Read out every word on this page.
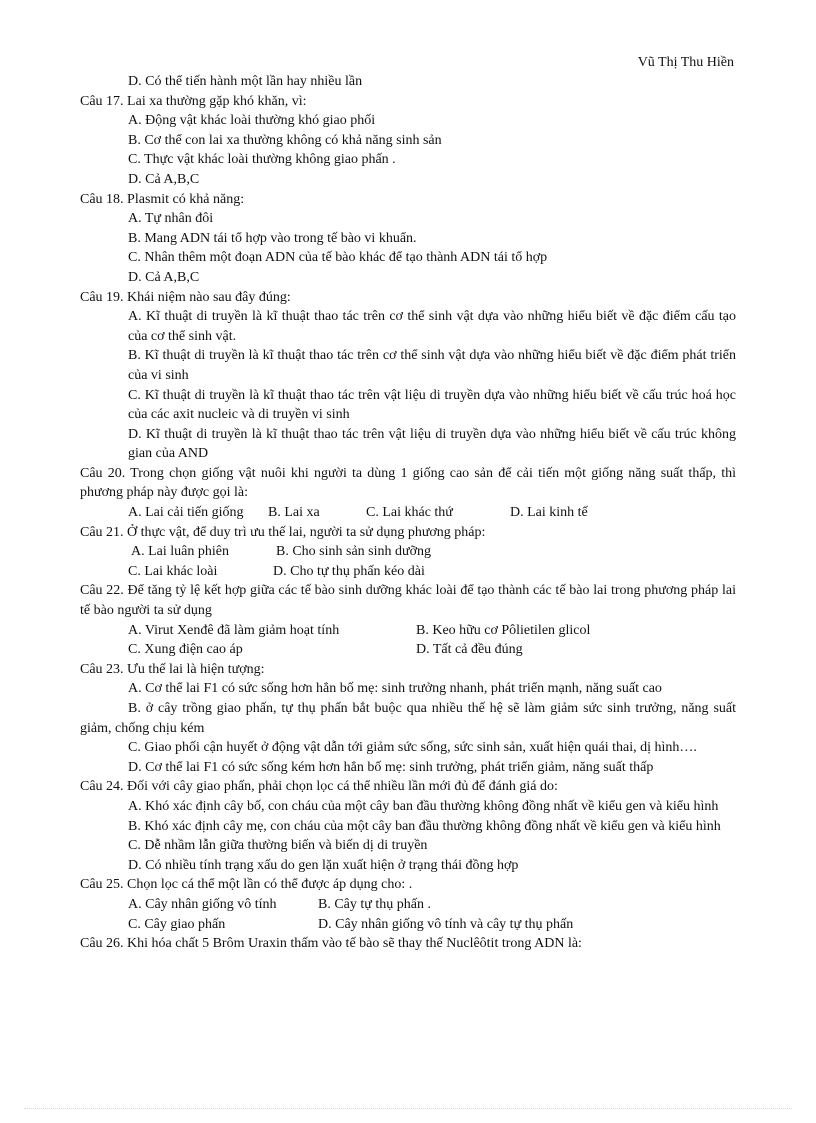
Vũ Thị Thu Hiền
D. Có thể tiến hành một lần hay nhiều lần
Câu 17. Lai xa thường gặp khó khăn, vì:
A. Động vật khác loài thường khó giao phối
B. Cơ thể con lai xa thường không có khả năng sinh sản
C. Thực vật khác loài thường không giao phấn .
D. Cả A,B,C
Câu 18. Plasmit có khả năng:
A. Tự nhân đôi
B. Mang ADN tái tổ hợp vào trong tế bào vi khuẩn.
C. Nhân thêm một đoạn ADN của tế bào khác để tạo thành ADN tái tổ hợp
D. Cả A,B,C
Câu 19. Khái niệm nào sau đây đúng:
A. Kĩ thuật di truyền là kĩ thuật thao tác trên cơ thể sinh vật dựa vào những hiểu biết về đặc điểm cấu tạo của cơ thể sinh vật.
B. Kĩ thuật di truyền là kĩ thuật thao tác trên cơ thể sinh vật dựa vào những hiểu biết về đặc điểm phát triển của vi sinh
C. Kĩ thuật di truyền là kĩ thuật thao tác trên vật liệu di truyền dựa vào những hiểu biết về cấu trúc hoá học của các axit nucleic và di truyền vi sinh
D. Kĩ thuật di truyền là kĩ thuật thao tác trên vật liệu di truyền dựa vào những hiểu biết về cấu trúc không gian của AND
Câu 20. Trong chọn giống vật nuôi khi người ta dùng 1 giống cao sản để cải tiến một giống năng suất thấp, thì phương pháp này được gọi là:
A. Lai cải tiến giống	B. Lai xa	C. Lai khác thứ	D. Lai kinh tế
Câu 21. Ở thực vật, để duy trì ưu thế lai, người ta sử dụng phương pháp:
A. Lai luân phiên	B. Cho sinh sản sinh dưỡng
C. Lai khác loài	D. Cho tự thụ phấn kéo dài
Câu 22. Để tăng tỷ lệ kết hợp giữa các tế bào sinh dưỡng khác loài để tạo thành các tế bào lai trong phương pháp lai tế bào người ta sử dụng
A. Virut Xenđê đã làm giảm hoạt tính	B. Keo hữu cơ Pôlietilen glicol
C. Xung điện cao áp	D. Tất cả đều đúng
Câu 23. Ưu thế lai là hiện tượng:
A. Cơ thể lai F1 có sức sống hơn hẳn bố mẹ: sinh trưởng nhanh, phát triển mạnh, năng suất cao
B. ở cây trồng giao phấn, tự thụ phấn bắt buộc qua nhiều thế hệ sẽ làm giảm sức sinh trưởng, năng suất giảm, chống chịu kém
C. Giao phối cận huyết ở động vật dẫn tới giảm sức sống, sức sinh sản, xuất hiện quái thai, dị hình….
D. Cơ thể lai F1 có sức sống kém hơn hẳn bố mẹ: sinh trưởng, phát triển giảm, năng suất thấp
Câu 24. Đối với cây giao phấn, phải chọn lọc cá thể nhiều lần mới đủ để đánh giá do:
A. Khó xác định cây bố, con cháu của một cây ban đầu thường không đồng nhất về kiểu gen và kiểu hình
B. Khó xác định cây mẹ, con cháu của một cây ban đầu thường không đồng nhất về kiểu gen và kiểu hình
C. Dễ nhầm lẫn giữa thường biến và biến dị di truyền
D. Có nhiều tính trạng xấu do gen lặn xuất hiện ở trạng thái đồng hợp
Câu 25. Chọn lọc cá thể một lần có thể được áp dụng cho: .
A. Cây nhân giống vô tính	B. Cây tự thụ phấn .
C. Cây giao phấn	D. Cây nhân giống vô tính và cây tự thụ phấn
Câu 26. Khi hóa chất 5 Brôm Uraxin thấm vào tế bào sẽ thay thế Nuclêôtit trong ADN là:
